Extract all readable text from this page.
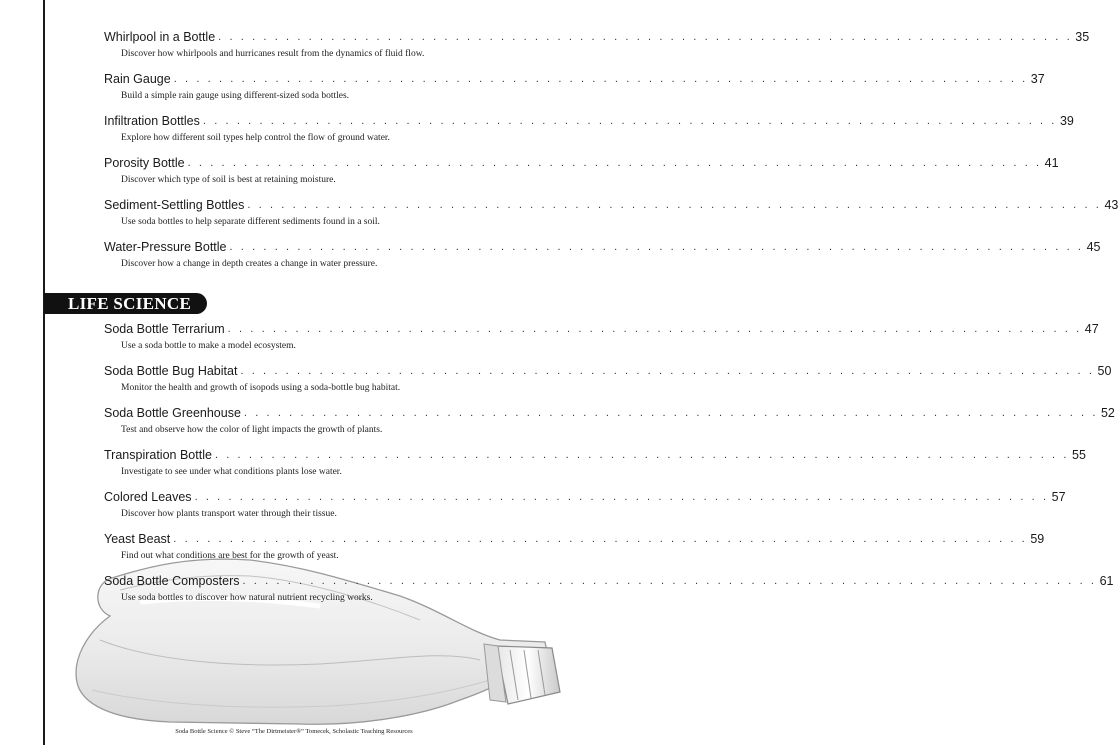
Whirlpool in a Bottle . . . . . . . . . . . . . . . . . . . . . . . . . . . . . . . . . . . . . . . . . . . . . . . . . . . . . . . . . . . . . . . . . . . . . . . . . . . . 35
Discover how whirlpools and hurricanes result from the dynamics of fluid flow.
Rain Gauge . . . . . . . . . . . . . . . . . . . . . . . . . . . . . . . . . . . . . . . . . . . . . . . . . . . . . . . . . . . . . . . . . . . . . . . . . . . . 37
Build a simple rain gauge using different-sized soda bottles.
Infiltration Bottles . . . . . . . . . . . . . . . . . . . . . . . . . . . . . . . . . . . . . . . . . . . . . . . . . . . . . . . . . . . . . . . . . . . . . . . . . . . . 39
Explore how different soil types help control the flow of ground water.
Porosity Bottle . . . . . . . . . . . . . . . . . . . . . . . . . . . . . . . . . . . . . . . . . . . . . . . . . . . . . . . . . . . . . . . . . . . . . . . . . . . . 41
Discover which type of soil is best at retaining moisture.
Sediment-Settling Bottles . . . . . . . . . . . . . . . . . . . . . . . . . . . . . . . . . . . . . . . . . . . . . . . . . . . . . . . . . . . . . . . . . . . . . . . . . . . . 43
Use soda bottles to help separate different sediments found in a soil.
Water-Pressure Bottle . . . . . . . . . . . . . . . . . . . . . . . . . . . . . . . . . . . . . . . . . . . . . . . . . . . . . . . . . . . . . . . . . . . . . . . . . . . . 45
Discover how a change in depth creates a change in water pressure.
LIFE SCIENCE
Soda Bottle Terrarium . . . . . . . . . . . . . . . . . . . . . . . . . . . . . . . . . . . . . . . . . . . . . . . . . . . . . . . . . . . . . . . . . . . . . . . . . . . . 47
Use a soda bottle to make a model ecosystem.
Soda Bottle Bug Habitat . . . . . . . . . . . . . . . . . . . . . . . . . . . . . . . . . . . . . . . . . . . . . . . . . . . . . . . . . . . . . . . . . . . . . . . . . . . . 50
Monitor the health and growth of isopods using a soda-bottle bug habitat.
Soda Bottle Greenhouse . . . . . . . . . . . . . . . . . . . . . . . . . . . . . . . . . . . . . . . . . . . . . . . . . . . . . . . . . . . . . . . . . . . . . . . . . . . . 52
Test and observe how the color of light impacts the growth of plants.
Transpiration Bottle . . . . . . . . . . . . . . . . . . . . . . . . . . . . . . . . . . . . . . . . . . . . . . . . . . . . . . . . . . . . . . . . . . . . . . . . . . . . 55
Investigate to see under what conditions plants lose water.
Colored Leaves . . . . . . . . . . . . . . . . . . . . . . . . . . . . . . . . . . . . . . . . . . . . . . . . . . . . . . . . . . . . . . . . . . . . . . . . . . . . 57
Discover how plants transport water through their tissue.
Yeast Beast . . . . . . . . . . . . . . . . . . . . . . . . . . . . . . . . . . . . . . . . . . . . . . . . . . . . . . . . . . . . . . . . . . . . . . . . . . . . 59
Find out what conditions are best for the growth of yeast.
Soda Bottle Composters . . . . . . . . . . . . . . . . . . . . . . . . . . . . . . . . . . . . . . . . . . . . . . . . . . . . . . . . . . . . . . . . . . . . . . . . . . . . 61
Use soda bottles to discover how natural nutrient recycling works.
Soda Bottle Science © Steve “The Dirtmeister®” Tomecek, Scholastic Teaching Resources
